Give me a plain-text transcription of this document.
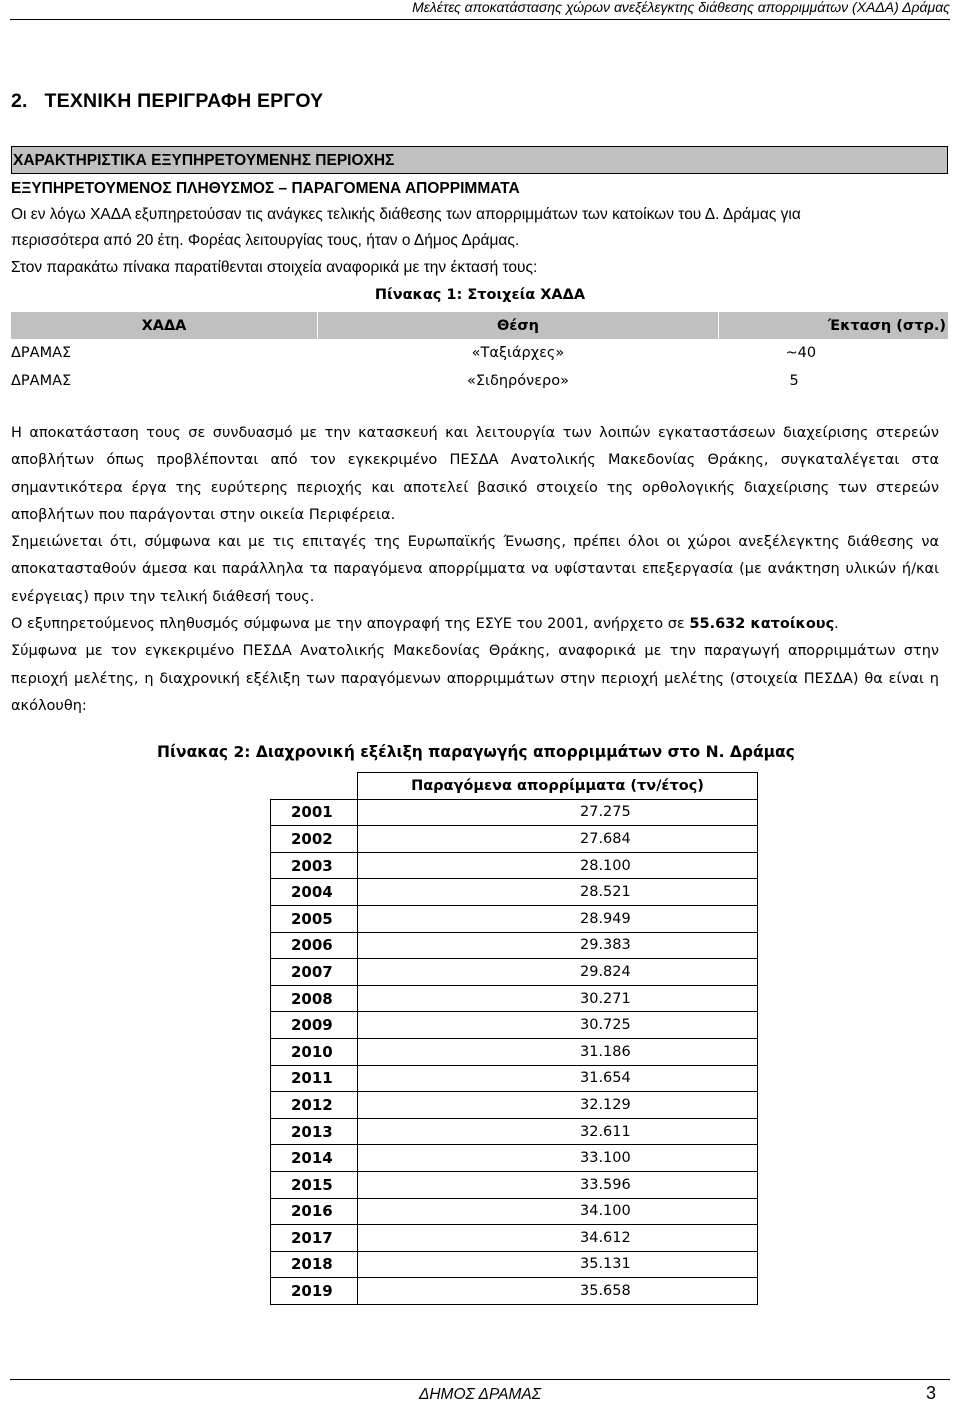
Μελέτες αποκατάστασης χώρων ανεξέλεγκτης διάθεσης απορριμμάτων (ΧΑΔΑ) Δράμας
2.   ΤΕΧΝΙΚΗ ΠΕΡΙΓΡΑΦΗ ΕΡΓΟΥ
ΧΑΡΑΚΤΗΡΙΣΤΙΚΑ ΕΞΥΠΗΡΕΤΟΥΜΕΝΗΣ ΠΕΡΙΟΧΗΣ
ΕΞΥΠΗΡΕΤΟΥΜΕΝΟΣ ΠΛΗΘΥΣΜΟΣ – ΠΑΡΑΓΟΜΕΝΑ ΑΠΟΡΡΙΜΜΑΤΑ
Οι εν λόγω ΧΑΔΑ εξυπηρετούσαν τις ανάγκες τελικής διάθεσης των απορριμμάτων των κατοίκων του Δ. Δράμας για
περισσότερα από 20 έτη. Φορέας λειτουργίας τους, ήταν ο Δήμος Δράμας.
Στον παρακάτω πίνακα παρατίθενται στοιχεία αναφορικά με την έκτασή τους:
Πίνακας 1: Στοιχεία ΧΑΔΑ
ΧΑΔΑ	Θέση	Έκταση (στρ.)
ΔΡΑΜΑΣ	«Ταξιάρχες»	~40
ΔΡΑΜΑΣ	«Σιδηρόνερο»	5

Η αποκατάσταση τους σε συνδυασμό με την κατασκευή και λειτουργία των λοιπών εγκαταστάσεων διαχείρισης στερεών αποβλήτων όπως προβλέπονται από τον εγκεκριμένο ΠΕΣΔΑ Ανατολικής Μακεδονίας Θράκης, συγκαταλέγεται στα σημαντικότερα έργα της ευρύτερης περιοχής και αποτελεί βασικό στοιχείο της ορθολογικής διαχείρισης των στερεών αποβλήτων που παράγονται στην οικεία Περιφέρεια.

Σημειώνεται ότι, σύμφωνα και με τις επιταγές της Ευρωπαϊκής Ένωσης, πρέπει όλοι οι χώροι ανεξέλεγκτης διάθεσης να αποκατασταθούν άμεσα και παράλληλα τα παραγόμενα απορρίμματα να υφίστανται επεξεργασία (με ανάκτηση υλικών ή/και ενέργειας) πριν την τελική διάθεσή τους.

Ο εξυπηρετούμενος πληθυσμός σύμφωνα με την απογραφή της ΕΣΥΕ του 2001, ανήρχετο σε 55.632 κατοίκους.

Σύμφωνα με τον εγκεκριμένο ΠΕΣΔΑ Ανατολικής Μακεδονίας Θράκης, αναφορικά με την παραγωγή απορριμμάτων στην περιοχή μελέτης, η διαχρονική εξέλιξη των παραγόμενων απορριμμάτων στην περιοχή μελέτης (στοιχεία ΠΕΣΔΑ) θα είναι η ακόλουθη:

Πίνακας 2: Διαχρονική εξέλιξη παραγωγής απορριμμάτων στο Ν. Δράμας
	Παραγόμενα απορρίμματα (τν/έτος)
2001	27.275
2002	27.684
2003	28.100
2004	28.521
2005	28.949
2006	29.383
2007	29.824
2008	30.271
2009	30.725
2010	31.186
2011	31.654
2012	32.129
2013	32.611
2014	33.100
2015	33.596
2016	34.100
2017	34.612
2018	35.131
2019	35.658
ΔΗΜΟΣ ΔΡΑΜΑΣ	3
